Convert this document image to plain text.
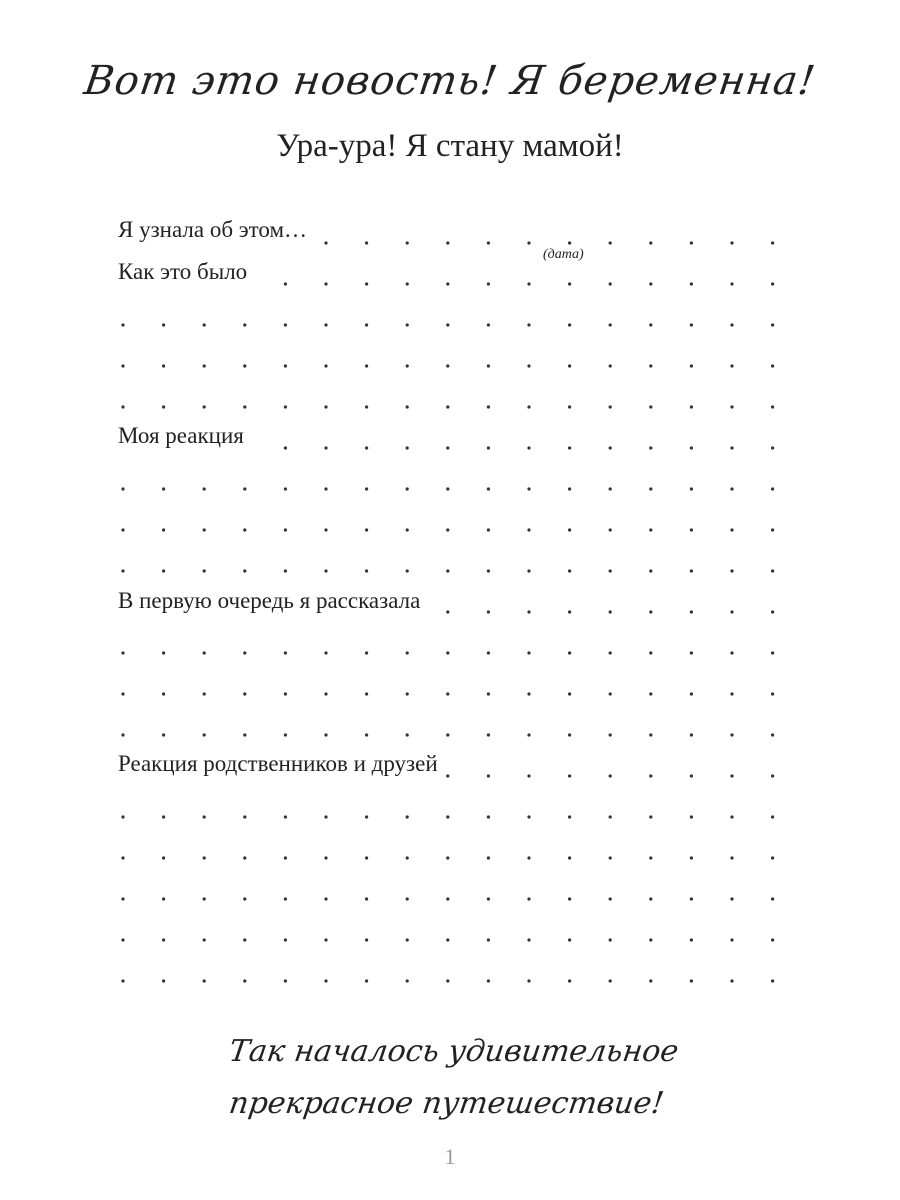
Вот это новость! Я беременна!
Ура-ура! Я стану мамой!
Я узнала об этом…
(дата)
Как это было
Моя реакция
В первую очередь я рассказала
Реакция родственников и друзей
Так началось удивительное
прекрасное путешествие!
1
